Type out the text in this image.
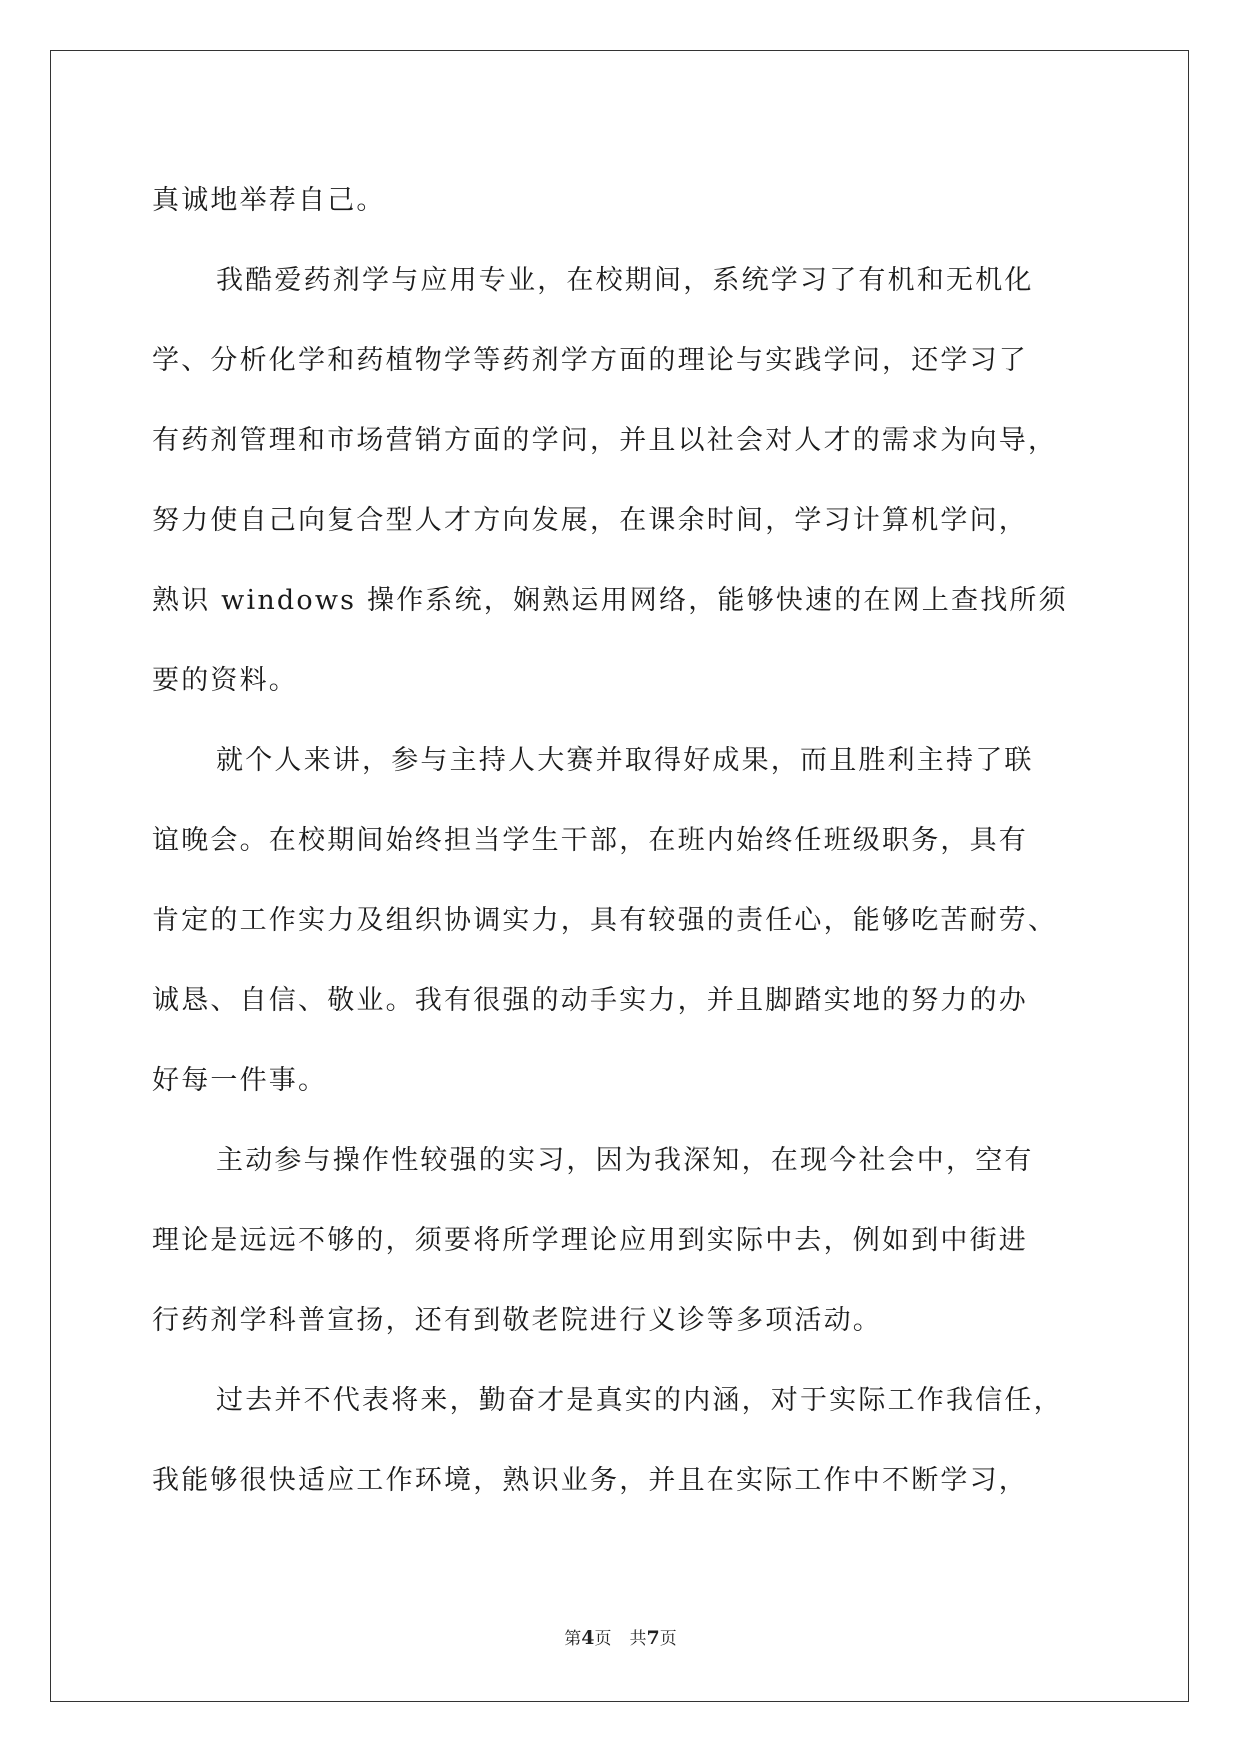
真诚地举荐自己。
我酷爱药剂学与应用专业，在校期间，系统学习了有机和无机化
学、分析化学和药植物学等药剂学方面的理论与实践学问，还学习了
有药剂管理和市场营销方面的学问，并且以社会对人才的需求为向导，
努力使自己向复合型人才方向发展，在课余时间，学习计算机学问，
熟识 windows 操作系统，娴熟运用网络，能够快速的在网上查找所须
要的资料。
就个人来讲，参与主持人大赛并取得好成果，而且胜利主持了联
谊晚会。在校期间始终担当学生干部，在班内始终任班级职务，具有
肯定的工作实力及组织协调实力，具有较强的责任心，能够吃苦耐劳、
诚恳、自信、敬业。我有很强的动手实力，并且脚踏实地的努力的办
好每一件事。
主动参与操作性较强的实习，因为我深知，在现今社会中，空有
理论是远远不够的，须要将所学理论应用到实际中去，例如到中街进
行药剂学科普宣扬，还有到敬老院进行义诊等多项活动。
过去并不代表将来，勤奋才是真实的内涵，对于实际工作我信任，
我能够很快适应工作环境，熟识业务，并且在实际工作中不断学习，
第4页 共7页
